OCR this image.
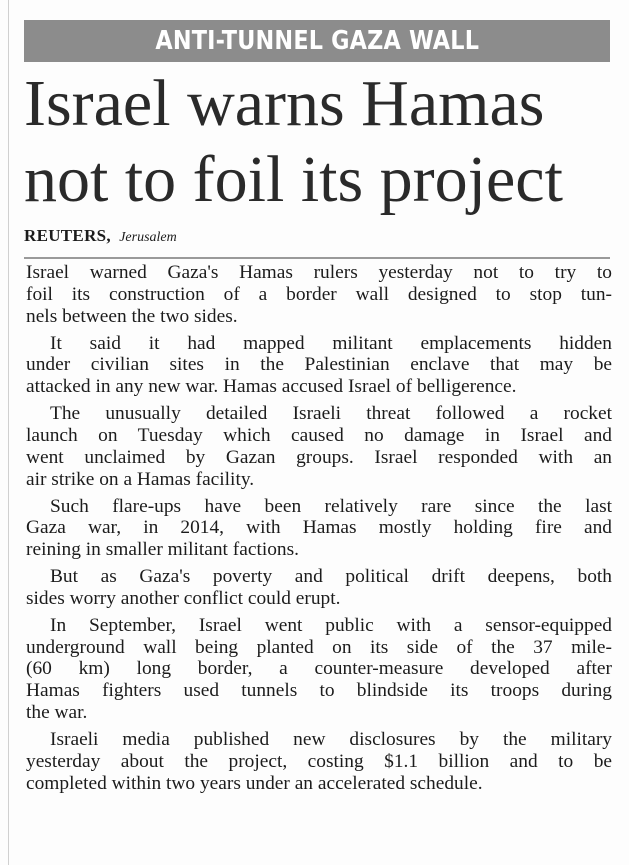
ANTI-TUNNEL GAZA WALL
Israel warns Hamas
not to foil its project
REUTERS, Jerusalem
Israel warned Gaza's Hamas rulers yesterday not to try to
foil its construction of a border wall designed to stop tun-
nels between the two sides.
It said it had mapped militant emplacements hidden
under civilian sites in the Palestinian enclave that may be
attacked in any new war. Hamas accused Israel of belligerence.
The unusually detailed Israeli threat followed a rocket
launch on Tuesday which caused no damage in Israel and
went unclaimed by Gazan groups. Israel responded with an
air strike on a Hamas facility.
Such flare-ups have been relatively rare since the last
Gaza war, in 2014, with Hamas mostly holding fire and
reining in smaller militant factions.
But as Gaza's poverty and political drift deepens, both
sides worry another conflict could erupt.
In September, Israel went public with a sensor-equipped
underground wall being planted on its side of the 37 mile-
(60 km) long border, a counter-measure developed after
Hamas fighters used tunnels to blindside its troops during
the war.
Israeli media published new disclosures by the military
yesterday about the project, costing $1.1 billion and to be
completed within two years under an accelerated schedule.
